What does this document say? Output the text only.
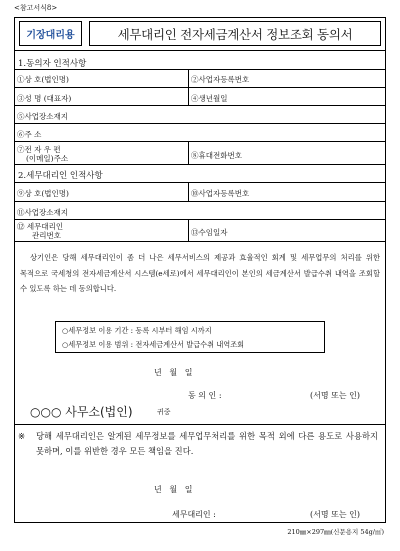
<참고서식8>
기장대리용	세무대리인 전자세금계산서 정보조회 동의서
1.동의자 인적사항
①상 호(법인명)	②사업자등록번호
③성 명 (대표자)	④생년월일
⑤사업장소재지
⑥주 소
⑦전 자 우 편
(이메일)주소	⑧휴대전화번호
2.세무대리인 인적사항
⑨상 호(법인명)	⑩사업자등록번호
⑪사업장소재지
⑫ 세무대리인
관리번호	⑬수임일자
상기인은 당해 세무대리인이 좀 더 나은 세무서비스의 제공과 효율적인 회계 및 세무업무의 처리를 위한 목적으로 국세청의 전자세금계산서 시스템(e세로)에서 세무대리인이 본인의 세금계산서 발급수취 내역을 조회할 수 있도록 하는 데 동의합니다.
○세무정보 이용 기간 : 동록 시부터 해임 시까지
○세무정보 이용 범위 : 전자세금계산서 발급수취 내역조회
년   월   일
동 의 인 :	(서명 또는 인)
○○○ 사무소(법인)	귀중
※ 당해 세무대리인은 알게된 세무정보를 세무업무처리를 위한 목적 외에 다른 용도로 사용하지 못하며, 이를 위반한 경우 모든 책임을 진다.
년   월   일
세무대리인 :	(서명 또는 인)
210㎜×297㎜(신문용지 54g/㎡)
